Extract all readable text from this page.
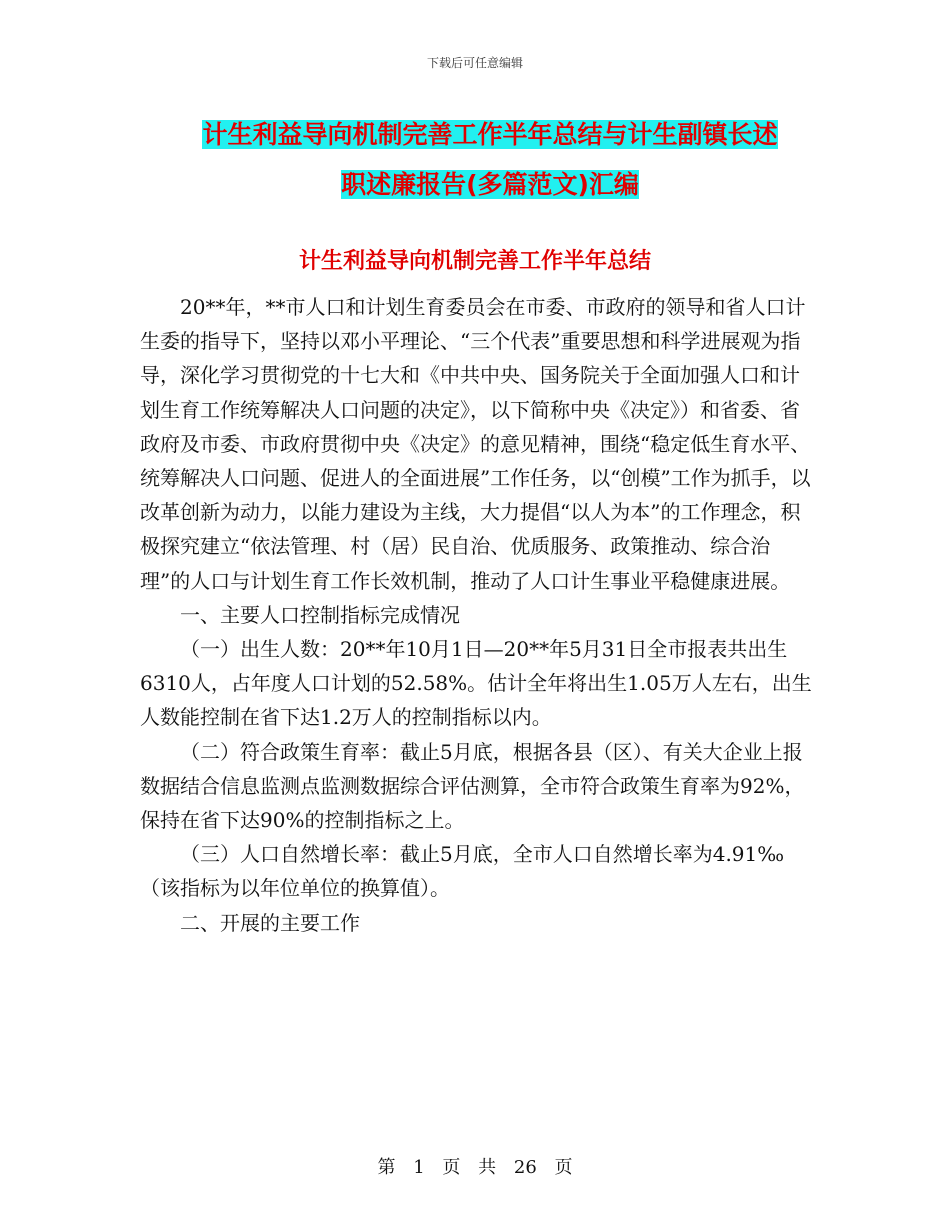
下载后可任意编辑
计生利益导向机制完善工作半年总结与计生副镇长述
职述廉报告(多篇范文)汇编
计生利益导向机制完善工作半年总结

20**年，**市人口和计划生育委员会在市委、市政府的领导和省人口计生委的指导下，坚持以邓小平理论、“三个代表”重要思想和科学进展观为指导，深化学习贯彻党的十七大和《中共中央、国务院关于全面加强人口和计划生育工作统筹解决人口问题的决定》，以下简称中央《决定》）和省委、省政府及市委、市政府贯彻中央《决定》的意见精神，围绕“稳定低生育水平、统筹解决人口问题、促进人的全面进展”工作任务，以“创模”工作为抓手，以改革创新为动力，以能力建设为主线，大力提倡“以人为本”的工作理念，积极探究建立“依法管理、村（居）民自治、优质服务、政策推动、综合治理”的人口与计划生育工作长效机制，推动了人口计生事业平稳健康进展。

一、主要人口控制指标完成情况

（一）出生人数：20**年10月1日—20**年5月31日全市报表共出生6310人，占年度人口计划的52.58%。估计全年将出生1.05万人左右，出生人数能控制在省下达1.2万人的控制指标以内。

（二）符合政策生育率：截止5月底，根据各县（区）、有关大企业上报数据结合信息监测点监测数据综合评估测算，全市符合政策生育率为92%，保持在省下达90%的控制指标之上。

（三）人口自然增长率：截止5月底，全市人口自然增长率为4.91‰（该指标为以年位单位的换算值）。

二、开展的主要工作

第 1 页 共 26 页
